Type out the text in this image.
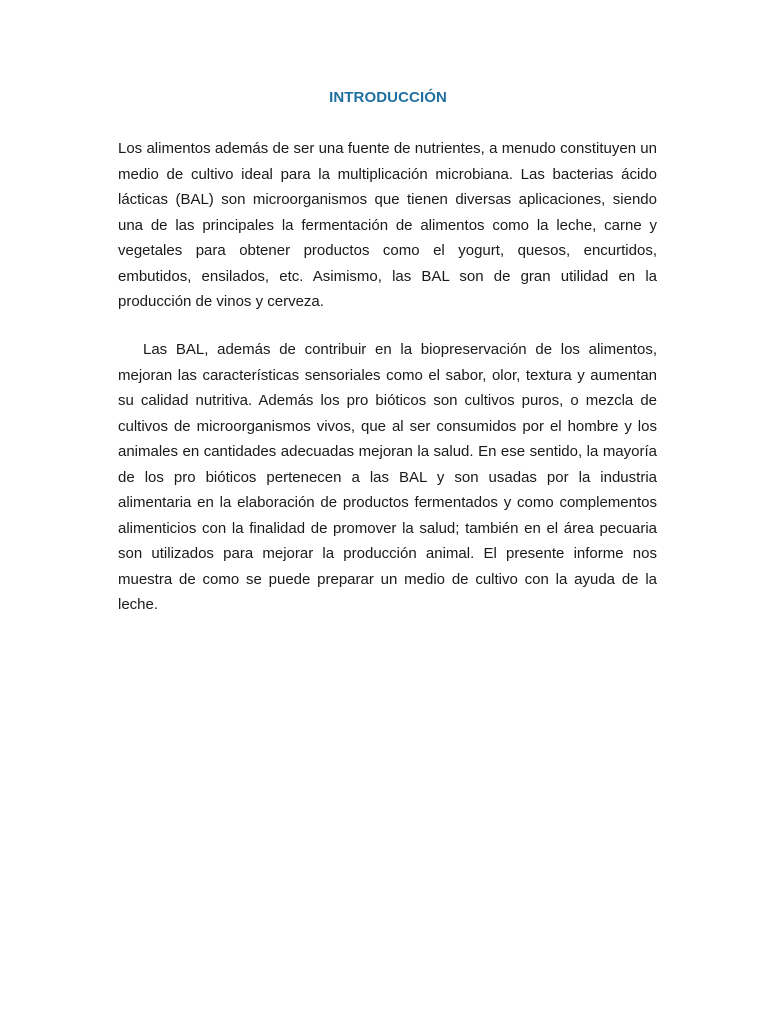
INTRODUCCIÓN

Los alimentos además de ser una fuente de nutrientes, a menudo constituyen un medio de cultivo ideal para la multiplicación microbiana. Las bacterias ácido lácticas (BAL) son microorganismos que tienen diversas aplicaciones, siendo una de las principales la fermentación de alimentos como la leche, carne y vegetales para obtener productos como el yogurt, quesos, encurtidos, embutidos, ensilados, etc. Asimismo, las BAL son de gran utilidad en la producción de vinos y cerveza.

Las BAL, además de contribuir en la biopreservación de los alimentos, mejoran las características sensoriales como el sabor, olor, textura y aumentan su calidad nutritiva. Además los pro bióticos son cultivos puros, o mezcla de cultivos de microorganismos vivos, que al ser consumidos por el hombre y los animales en cantidades adecuadas mejoran la salud. En ese sentido, la mayoría de los pro bióticos pertenecen a las BAL y son usadas por la industria alimentaria en la elaboración de productos fermentados y como complementos alimenticios con la finalidad de promover la salud; también en el área pecuaria son utilizados para mejorar la producción animal. El presente informe nos muestra de como se puede preparar un medio de cultivo con la ayuda de la leche.
